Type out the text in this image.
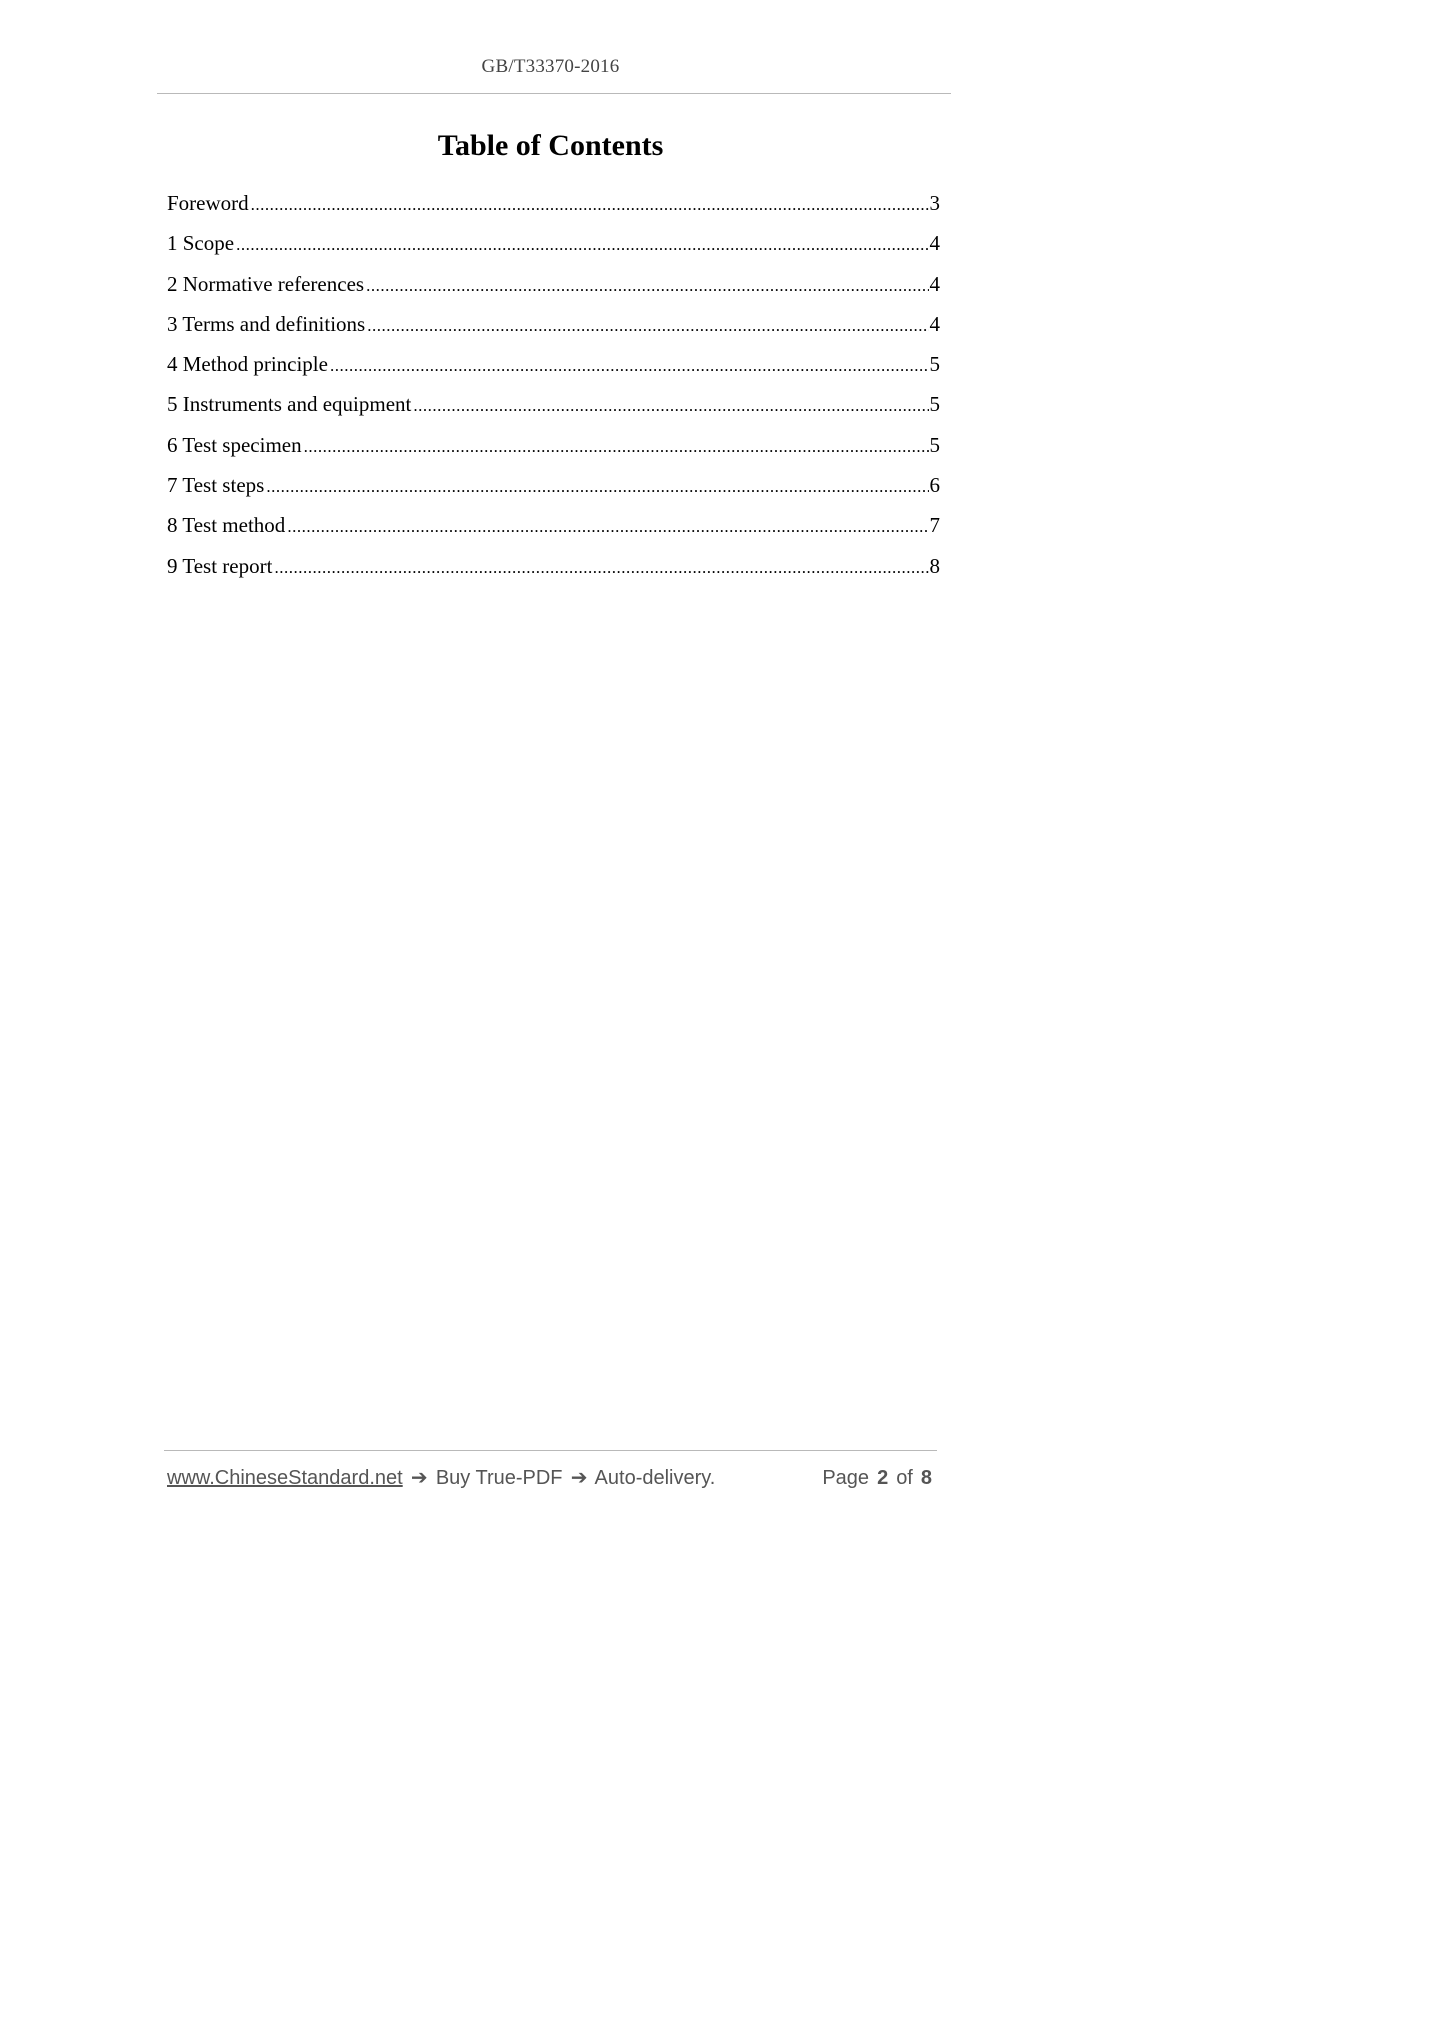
GB/T33370-2016
Table of Contents
Foreword .....	3
1 Scope .....	4
2 Normative references .....	4
3 Terms and definitions .....	4
4 Method principle .....	5
5 Instruments and equipment .....	5
6 Test specimen .....	5
7 Test steps .....	6
8 Test method .....	7
9 Test report .....	8
www.ChineseStandard.net ➔ Buy True-PDF ➔ Auto-delivery.	Page 2 of 8
